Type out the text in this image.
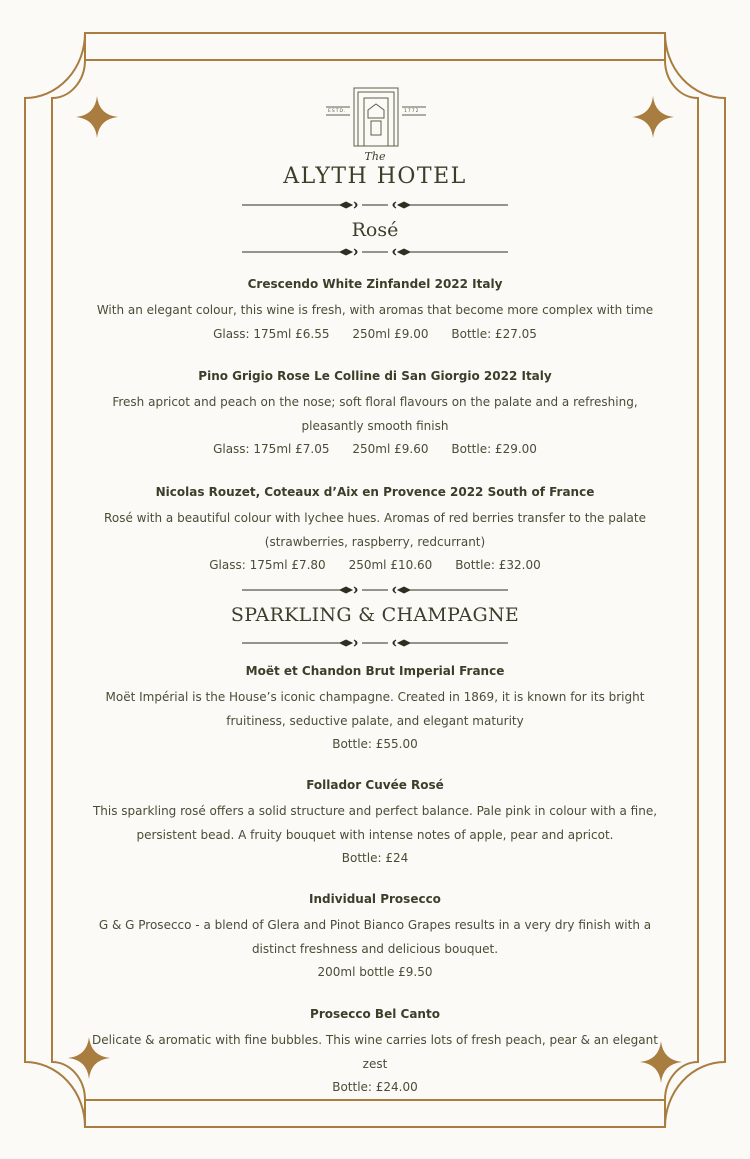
ESTD.	1772
The
ALYTH HOTEL
Rosé
Crescendo White Zinfandel 2022 Italy
With an elegant colour, this wine is fresh, with aromas that become more complex with time
Glass: 175ml £6.55      250ml £9.00      Bottle: £27.05
Pino Grigio Rose Le Colline di San Giorgio 2022 Italy
Fresh apricot and peach on the nose; soft floral flavours on the palate and a refreshing, pleasantly smooth finish
Glass: 175ml £7.05      250ml £9.60      Bottle: £29.00
Nicolas Rouzet, Coteaux d’Aix en Provence 2022 South of France
Rosé with a beautiful colour with lychee hues. Aromas of red berries transfer to the palate (strawberries, raspberry, redcurrant)
Glass: 175ml £7.80      250ml £10.60      Bottle: £32.00
SPARKLING & CHAMPAGNE
Moët et Chandon Brut Imperial France
Moët Impérial is the House’s iconic champagne. Created in 1869, it is known for its bright fruitiness, seductive palate, and elegant maturity
Bottle: £55.00
Follador Cuvée Rosé
This sparkling rosé offers a solid structure and perfect balance. Pale pink in colour with a fine, persistent bead. A fruity bouquet with intense notes of apple, pear and apricot.
Bottle: £24
Individual Prosecco
G & G Prosecco - a blend of Glera and Pinot Bianco Grapes results in a very dry finish with a distinct freshness and delicious bouquet.
200ml bottle £9.50
Prosecco Bel Canto
Delicate & aromatic with fine bubbles. This wine carries lots of fresh peach, pear & an elegant zest
Bottle: £24.00
